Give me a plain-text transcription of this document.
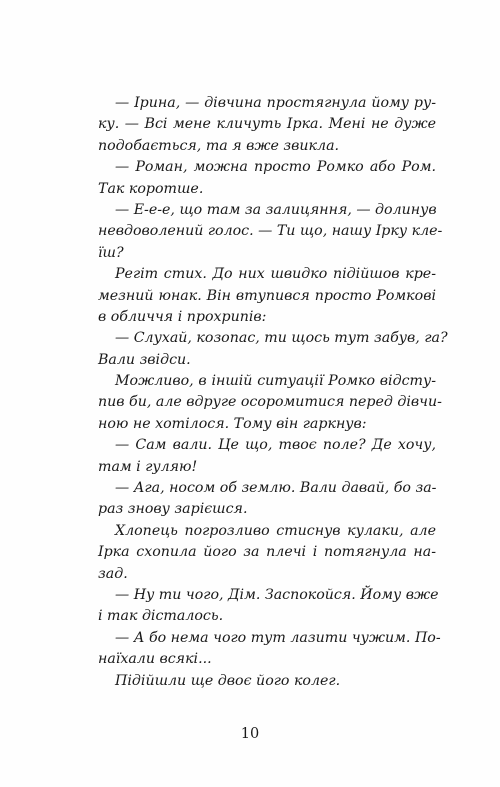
— Ірина, — дівчина простягнула йому ру-
ку. — Всі мене кличуть Ірка. Мені не дуже
подобається, та я вже звикла.
— Роман, можна просто Ромко або Ром.
Так коротше.
— Е-е-е, що там за залицяння, — долинув
невдоволений голос. — Ти що, нашу Ірку кле-
їш?
Регіт стих. До них швидко підійшов кре-
мезний юнак. Він втупився просто Ромкові
в обличчя і прохрипів:
— Слухай, козопас, ти щось тут забув, га?
Вали звідси.
Можливо, в іншій ситуації Ромко відсту-
пив би, але вдруге осоромитися перед дівчи-
ною не хотілося. Тому він гаркнув:
— Сам вали. Це що, твоє поле? Де хочу,
там і гуляю!
— Ага, носом об землю. Вали давай, бо за-
раз знову зарієшся.
Хлопець погрозливо стиснув кулаки, але
Ірка схопила його за плечі і потягнула на-
зад.
— Ну ти чого, Дім. Заспокойся. Йому вже
і так дісталось.
— А бо нема чого тут лазити чужим. По-
наїхали всякі...
Підійшли ще двоє його колег.
10
